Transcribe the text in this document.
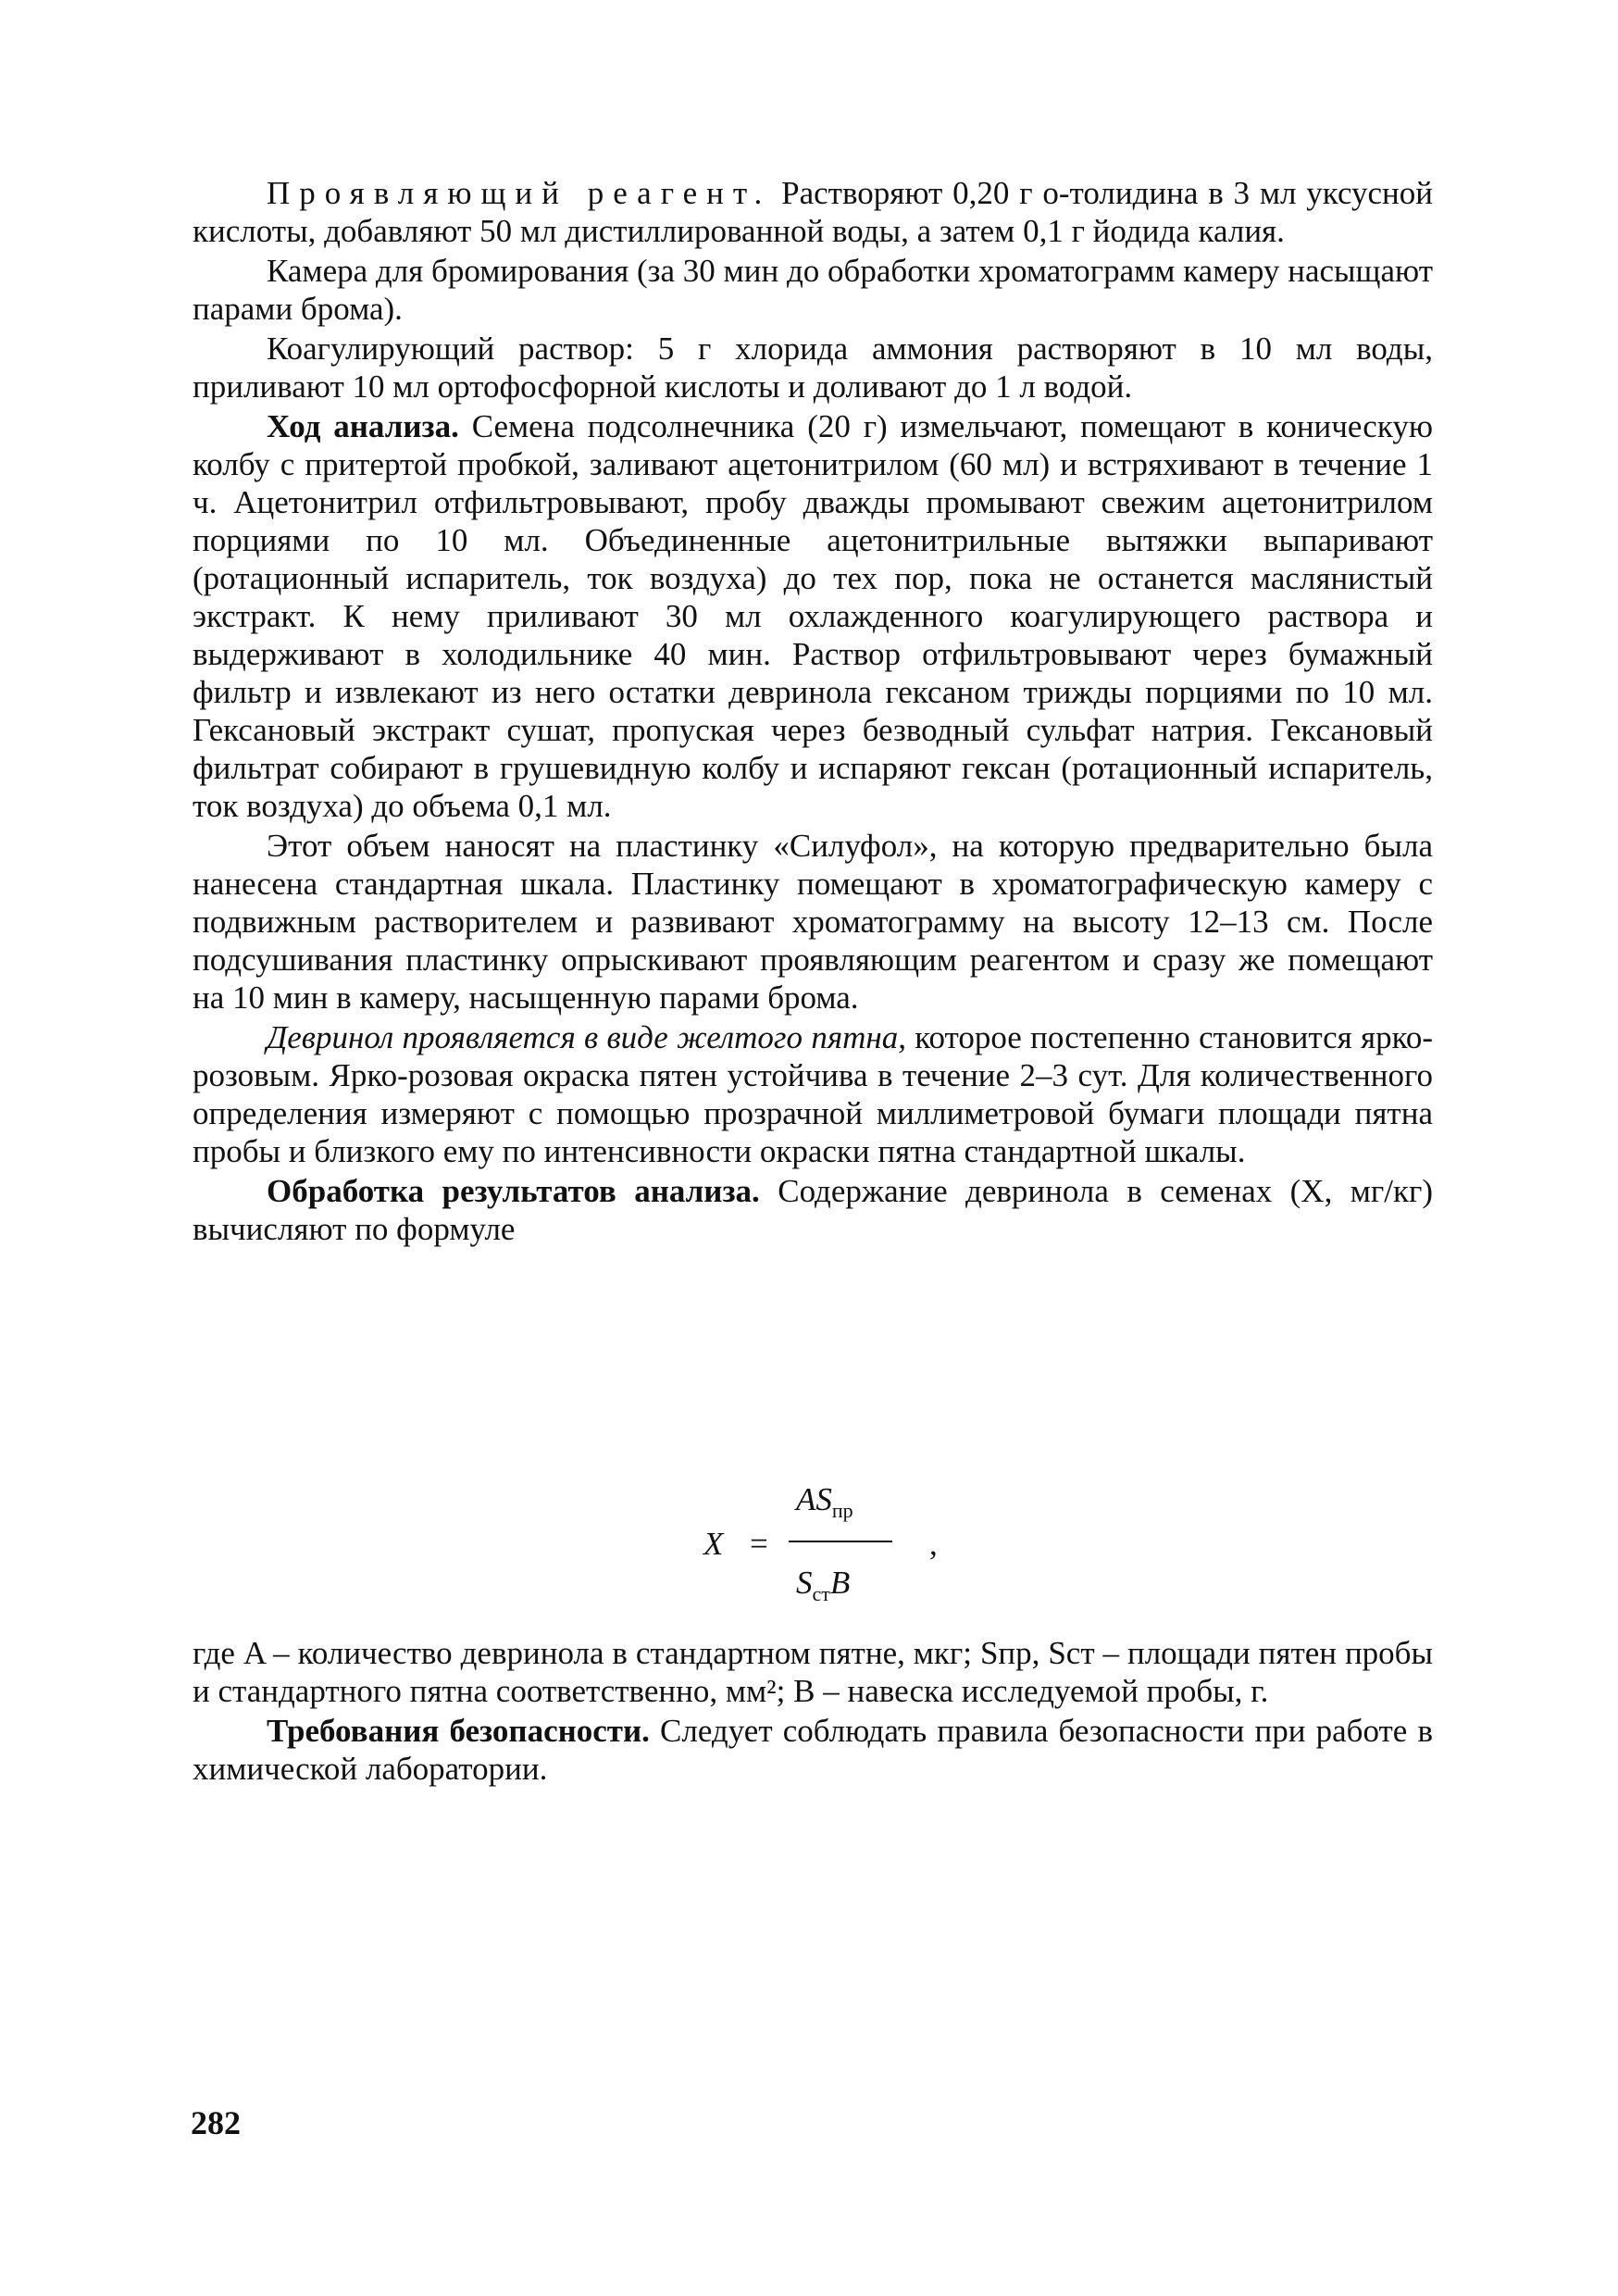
Проявляющий реагент. Растворяют 0,20 г о-толидина в 3 мл уксусной кислоты, добавляют 50 мл дистиллированной воды, а затем 0,1 г йодида калия.

Камера для бромирования (за 30 мин до обработки хроматограмм камеру насыщают парами брома).

Коагулирующий раствор: 5 г хлорида аммония растворяют в 10 мл воды, приливают 10 мл ортофосфорной кислоты и доливают до 1 л водой.

Ход анализа. Семена подсолнечника (20 г) измельчают, помещают в коническую колбу с притертой пробкой, заливают ацетонитрилом (60 мл) и встряхивают в течение 1 ч. Ацетонитрил отфильтровывают, пробу дважды промывают свежим ацетонитрилом порциями по 10 мл. Объединенные ацетонитрильные вытяжки выпаривают (ротационный испаритель, ток воздуха) до тех пор, пока не останется маслянистый экстракт. К нему приливают 30 мл охлажденного коагулирующего раствора и выдерживают в холодильнике 40 мин. Раствор отфильтровывают через бумажный фильтр и извлекают из него остатки девринола гексаном трижды порциями по 10 мл. Гексановый экстракт сушат, пропуская через безводный сульфат натрия. Гексановый фильтрат собирают в грушевидную колбу и испаряют гексан (ротационный испаритель, ток воздуха) до объема 0,1 мл.

Этот объем наносят на пластинку «Силуфол», на которую предварительно была нанесена стандартная шкала. Пластинку помещают в хроматографическую камеру с подвижным растворителем и развивают хроматограмму на высоту 12–13 см. После подсушивания пластинку опрыскивают проявляющим реагентом и сразу же помещают на 10 мин в камеру, насыщенную парами брома.

Девринол проявляется в виде желтого пятна, которое постепенно становится ярко-розовым. Ярко-розовая окраска пятен устойчива в течение 2–3 сут. Для количественного определения измеряют с помощью прозрачной миллиметровой бумаги площади пятна пробы и близкого ему по интенсивности окраски пятна стандартной шкалы.

Обработка результатов анализа. Содержание девринола в семенах (X, мг/кг) вычисляют по формуле

X =
$AS_{пр}$
$S_{ст}B$
,

где A – количество девринола в стандартном пятне, мкг; Sпр, Sст – площади пятен пробы и стандартного пятна соответственно, мм²; B – навеска исследуемой пробы, г.

Требования безопасности. Следует соблюдать правила безопасности при работе в химической лаборатории.

282
